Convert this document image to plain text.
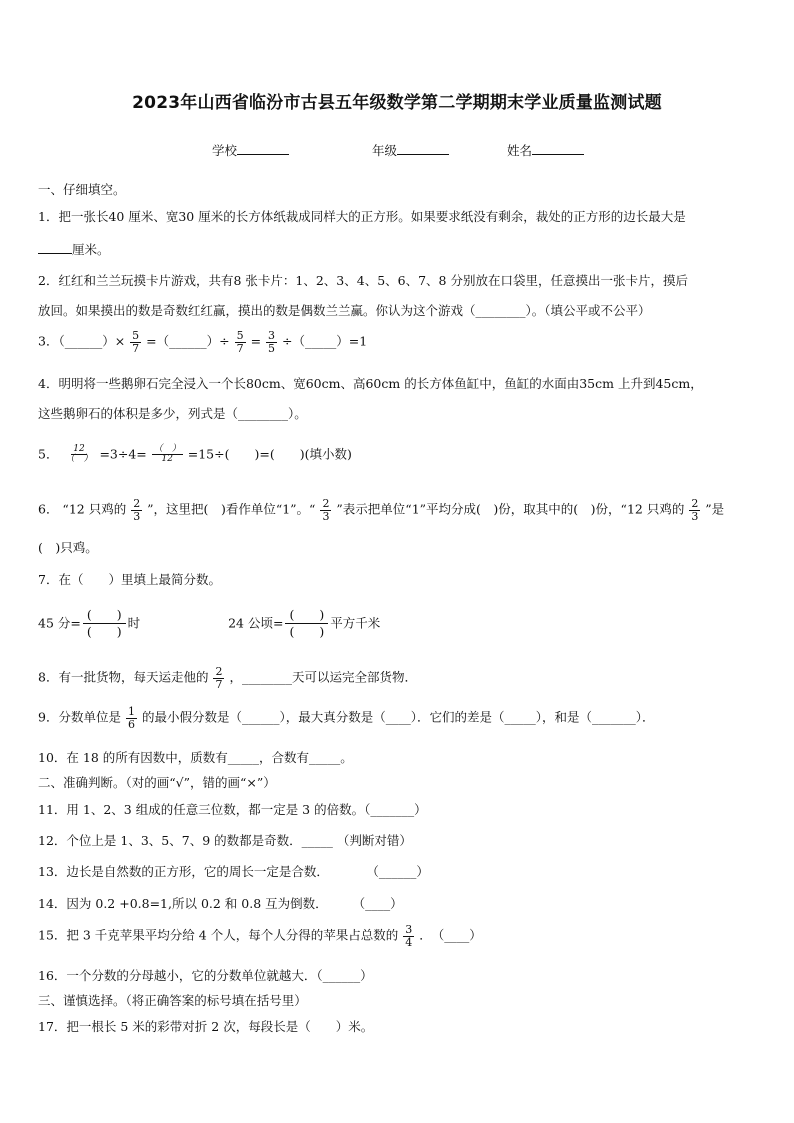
2023年山西省临汾市古县五年级数学第二学期期末学业质量监测试题
学校	年级	姓名
一、仔细填空。
1．把一张长40 厘米、宽30 厘米的长方体纸裁成同样大的正方形。如果要求纸没有剩余，裁处的正方形的边长最大是
厘米。
2．红红和兰兰玩摸卡片游戏，共有8 张卡片：1、2、3、4、5、6、7、8 分别放在口袋里，任意摸出一张卡片，摸后
放回。如果摸出的数是奇数红红赢，摸出的数是偶数兰兰赢。你认为这个游戏（________）。（填公平或不公平）
3．（______）× $\frac{5}{7}$ =（______）÷ $\frac{5}{7} = \frac{3}{5}$ ÷（_____）=1
4．明明将一些鹅卵石完全浸入一个长80cm、宽60cm、高60cm 的长方体鱼缸中，鱼缸的水面由35cm 上升到45cm，
这些鹅卵石的体积是多少，列式是（________）。
5． $\frac{12}{( )} =3\div 4= \frac{( )}{12} =15\div$(　　)=(　　)(填小数)
6． “12 只鸡的 $\frac{2}{3}$ ”，这里把(　)看作单位“1”。“ $\frac{2}{3}$ ”表示把单位“1”平均分成(　)份，取其中的(　)份，“12 只鸡的 $\frac{2}{3}$ ”是
(　)只鸡。
7．在（　　）里填上最简分数。
45 分= $\frac{( )}{( )}$ 时	24 公顷= $\frac{( )}{( )}$ 平方千米
8．有一批货物，每天运走他的 $\frac{2}{7}$ ，________天可以运完全部货物．
9．分数单位是 $\frac{1}{6}$ 的最小假分数是（______），最大真分数是（____）．它们的差是（_____），和是（_______）．
10．在 18 的所有因数中，质数有_____，合数有_____。
二、准确判断。（对的画“√”，错的画“×”）
11．用 1、2、3 组成的任意三位数，都一定是 3 的倍数。（_______）
12．个位上是 1、3、5、7、9 的数都是奇数．_____ （判断对错）
13．边长是自然数的正方形，它的周长一定是合数．　　　　（______）
14．因为 0.2 +0.8=1,所以 0.2 和 0.8 互为倒数．　　　（____）
15．把 3 千克苹果平均分给 4 个人，每个人分得的苹果占总数的 $\frac{3}{4}$ ．　（____）
16．一个分数的分母越小，它的分数单位就越大．（______）
三、谨慎选择。（将正确答案的标号填在括号里）
17．把一根长 5 米的彩带对折 2 次，每段长是（　　）米。
